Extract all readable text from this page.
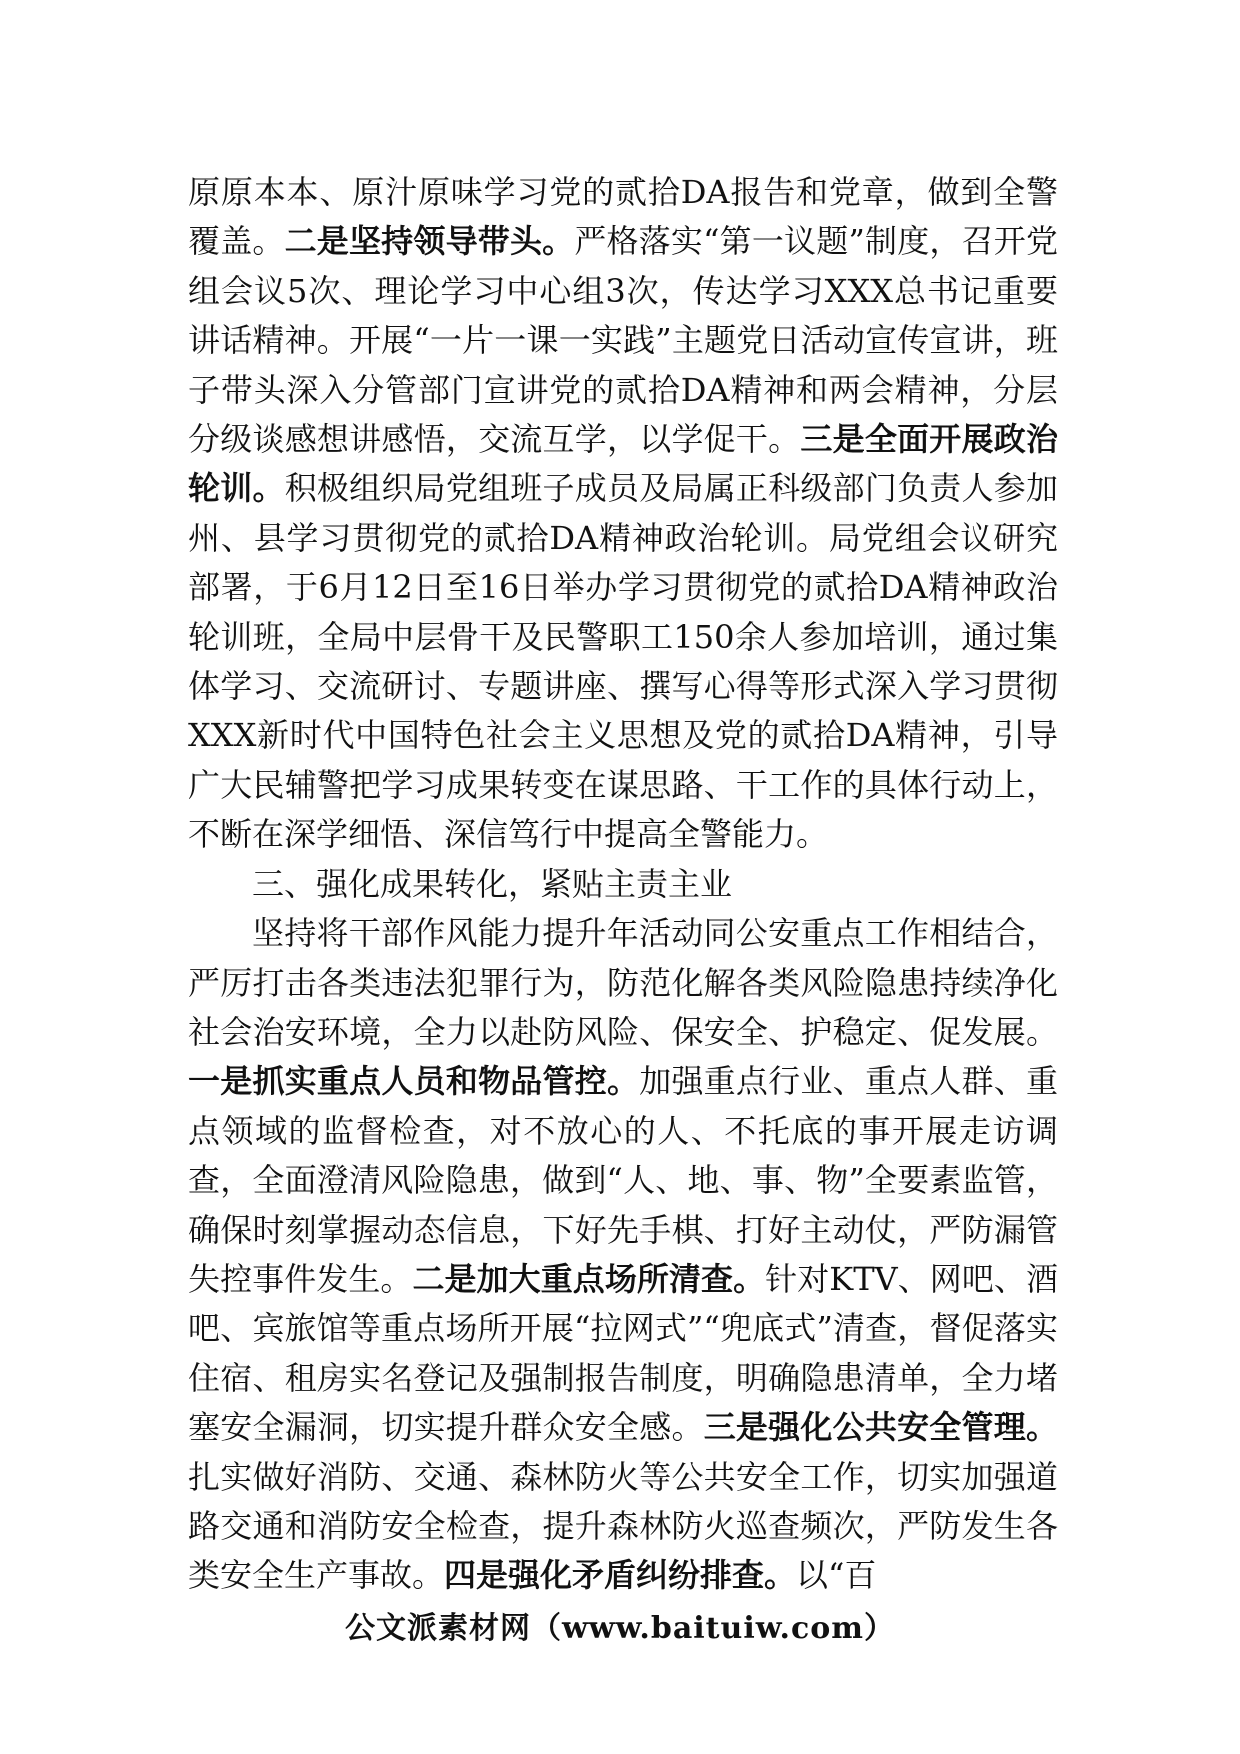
原原本本、原汁原味学习党的贰拾DA报告和党章，做到全警覆盖。二是坚持领导带头。严格落实“第一议题”制度，召开党组会议5次、理论学习中心组3次，传达学习XXX总书记重要讲话精神。开展“一片一课一实践”主题党日活动宣传宣讲，班子带头深入分管部门宣讲党的贰拾DA精神和两会精神，分层分级谈感想讲感悟，交流互学，以学促干。三是全面开展政治轮训。积极组织局党组班子成员及局属正科级部门负责人参加州、县学习贯彻党的贰拾DA精神政治轮训。局党组会议研究部署，于6月12日至16日举办学习贯彻党的贰拾DA精神政治轮训班，全局中层骨干及民警职工150余人参加培训，通过集体学习、交流研讨、专题讲座、撰写心得等形式深入学习贯彻XXX新时代中国特色社会主义思想及党的贰拾DA精神，引导广大民辅警把学习成果转变在谋思路、干工作的具体行动上，不断在深学细悟、深信笃行中提高全警能力。

三、强化成果转化，紧贴主责主业

坚持将干部作风能力提升年活动同公安重点工作相结合，严厉打击各类违法犯罪行为，防范化解各类风险隐患持续净化社会治安环境，全力以赴防风险、保安全、护稳定、促发展。一是抓实重点人员和物品管控。加强重点行业、重点人群、重点领域的监督检查，对不放心的人、不托底的事开展走访调查，全面澄清风险隐患，做到“人、地、事、物”全要素监管，确保时刻掌握动态信息，下好先手棋、打好主动仗，严防漏管失控事件发生。二是加大重点场所清查。针对KTV、网吧、酒吧、宾旅馆等重点场所开展“拉网式”“兜底式”清查，督促落实住宿、租房实名登记及强制报告制度，明确隐患清单，全力堵塞安全漏洞，切实提升群众安全感。三是强化公共安全管理。扎实做好消防、交通、森林防火等公共安全工作，切实加强道路交通和消防安全检查，提升森林防火巡查频次，严防发生各类安全生产事故。四是强化矛盾纠纷排查。以“百

公文派素材网（www.baituiw.com）
